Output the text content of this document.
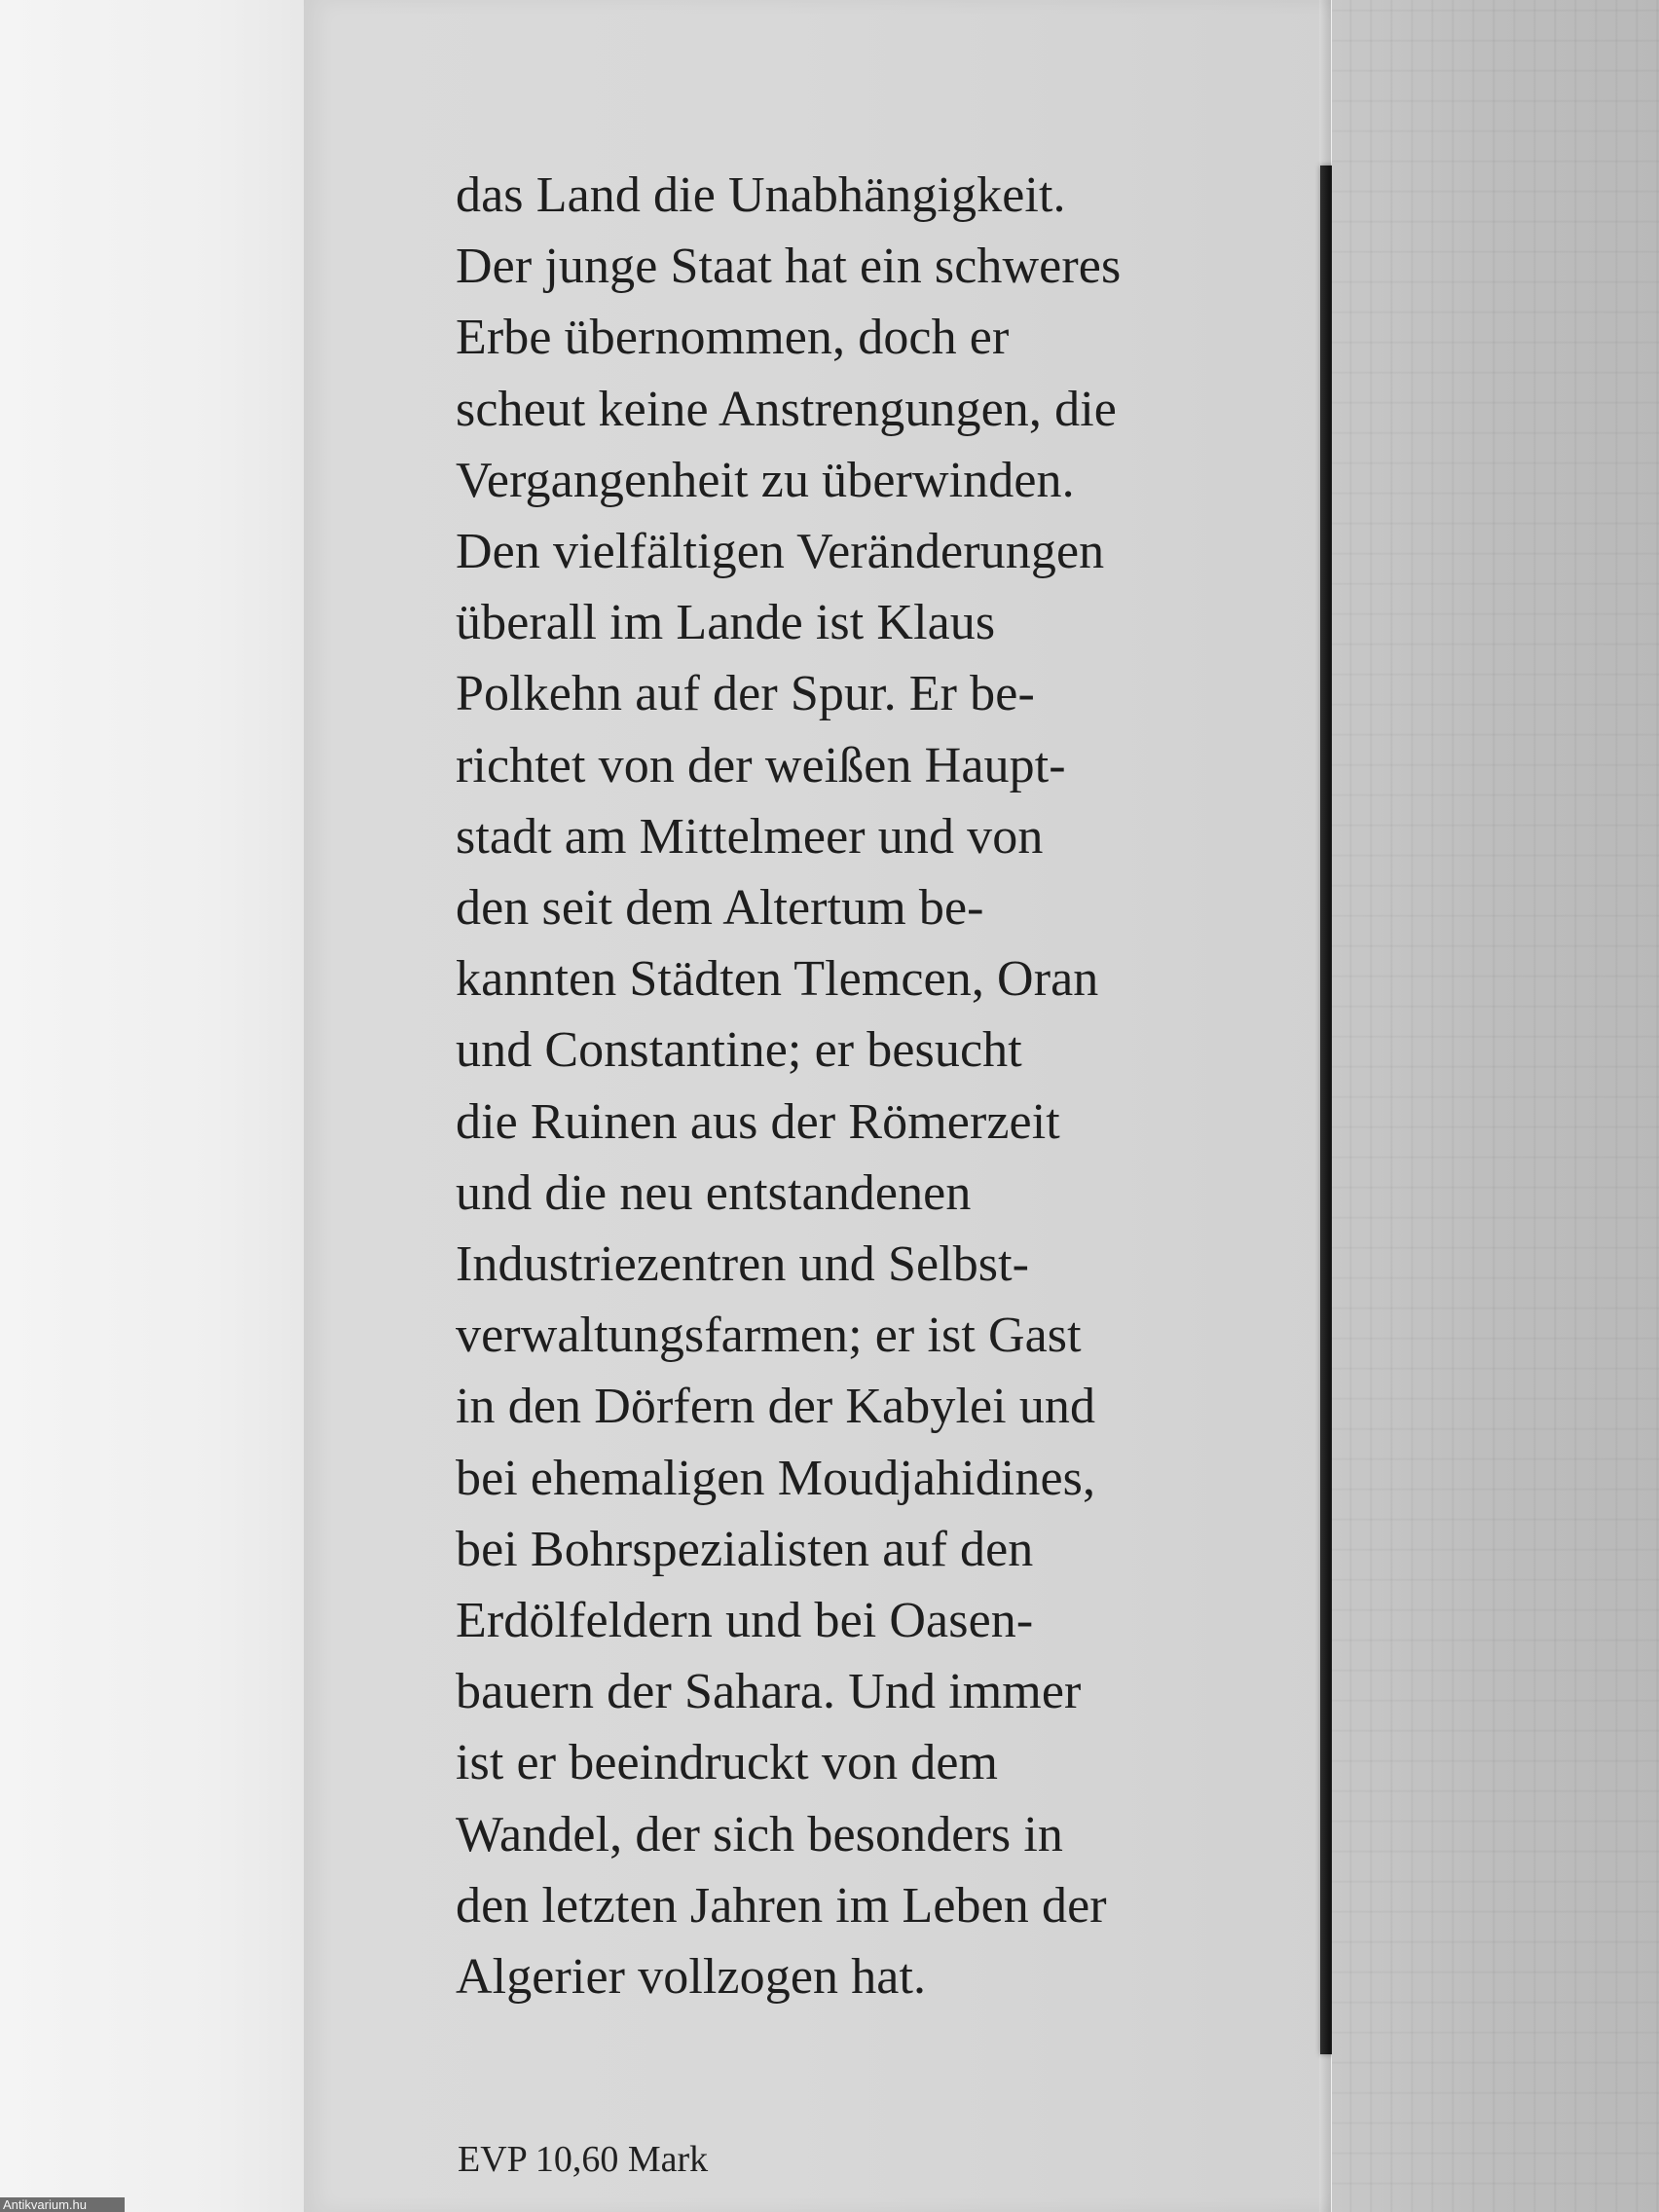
das Land die Unabhängigkeit.
Der junge Staat hat ein schweres
Erbe übernommen, doch er
scheut keine Anstrengungen, die
Vergangenheit zu überwinden.
Den vielfältigen Veränderungen
überall im Lande ist Klaus
Polkehn auf der Spur. Er be-
richtet von der weißen Haupt-
stadt am Mittelmeer und von
den seit dem Altertum be-
kannten Städten Tlemcen, Oran
und Constantine; er besucht
die Ruinen aus der Römerzeit
und die neu entstandenen
Industriezentren und Selbst-
verwaltungsfarmen; er ist Gast
in den Dörfern der Kabylei und
bei ehemaligen Moudjahidines,
bei Bohrspezialisten auf den
Erdölfeldern und bei Oasen-
bauern der Sahara. Und immer
ist er beeindruckt von dem
Wandel, der sich besonders in
den letzten Jahren im Leben der
Algerier vollzogen hat.
EVP 10,60 Mark
Antikvarium.hu
